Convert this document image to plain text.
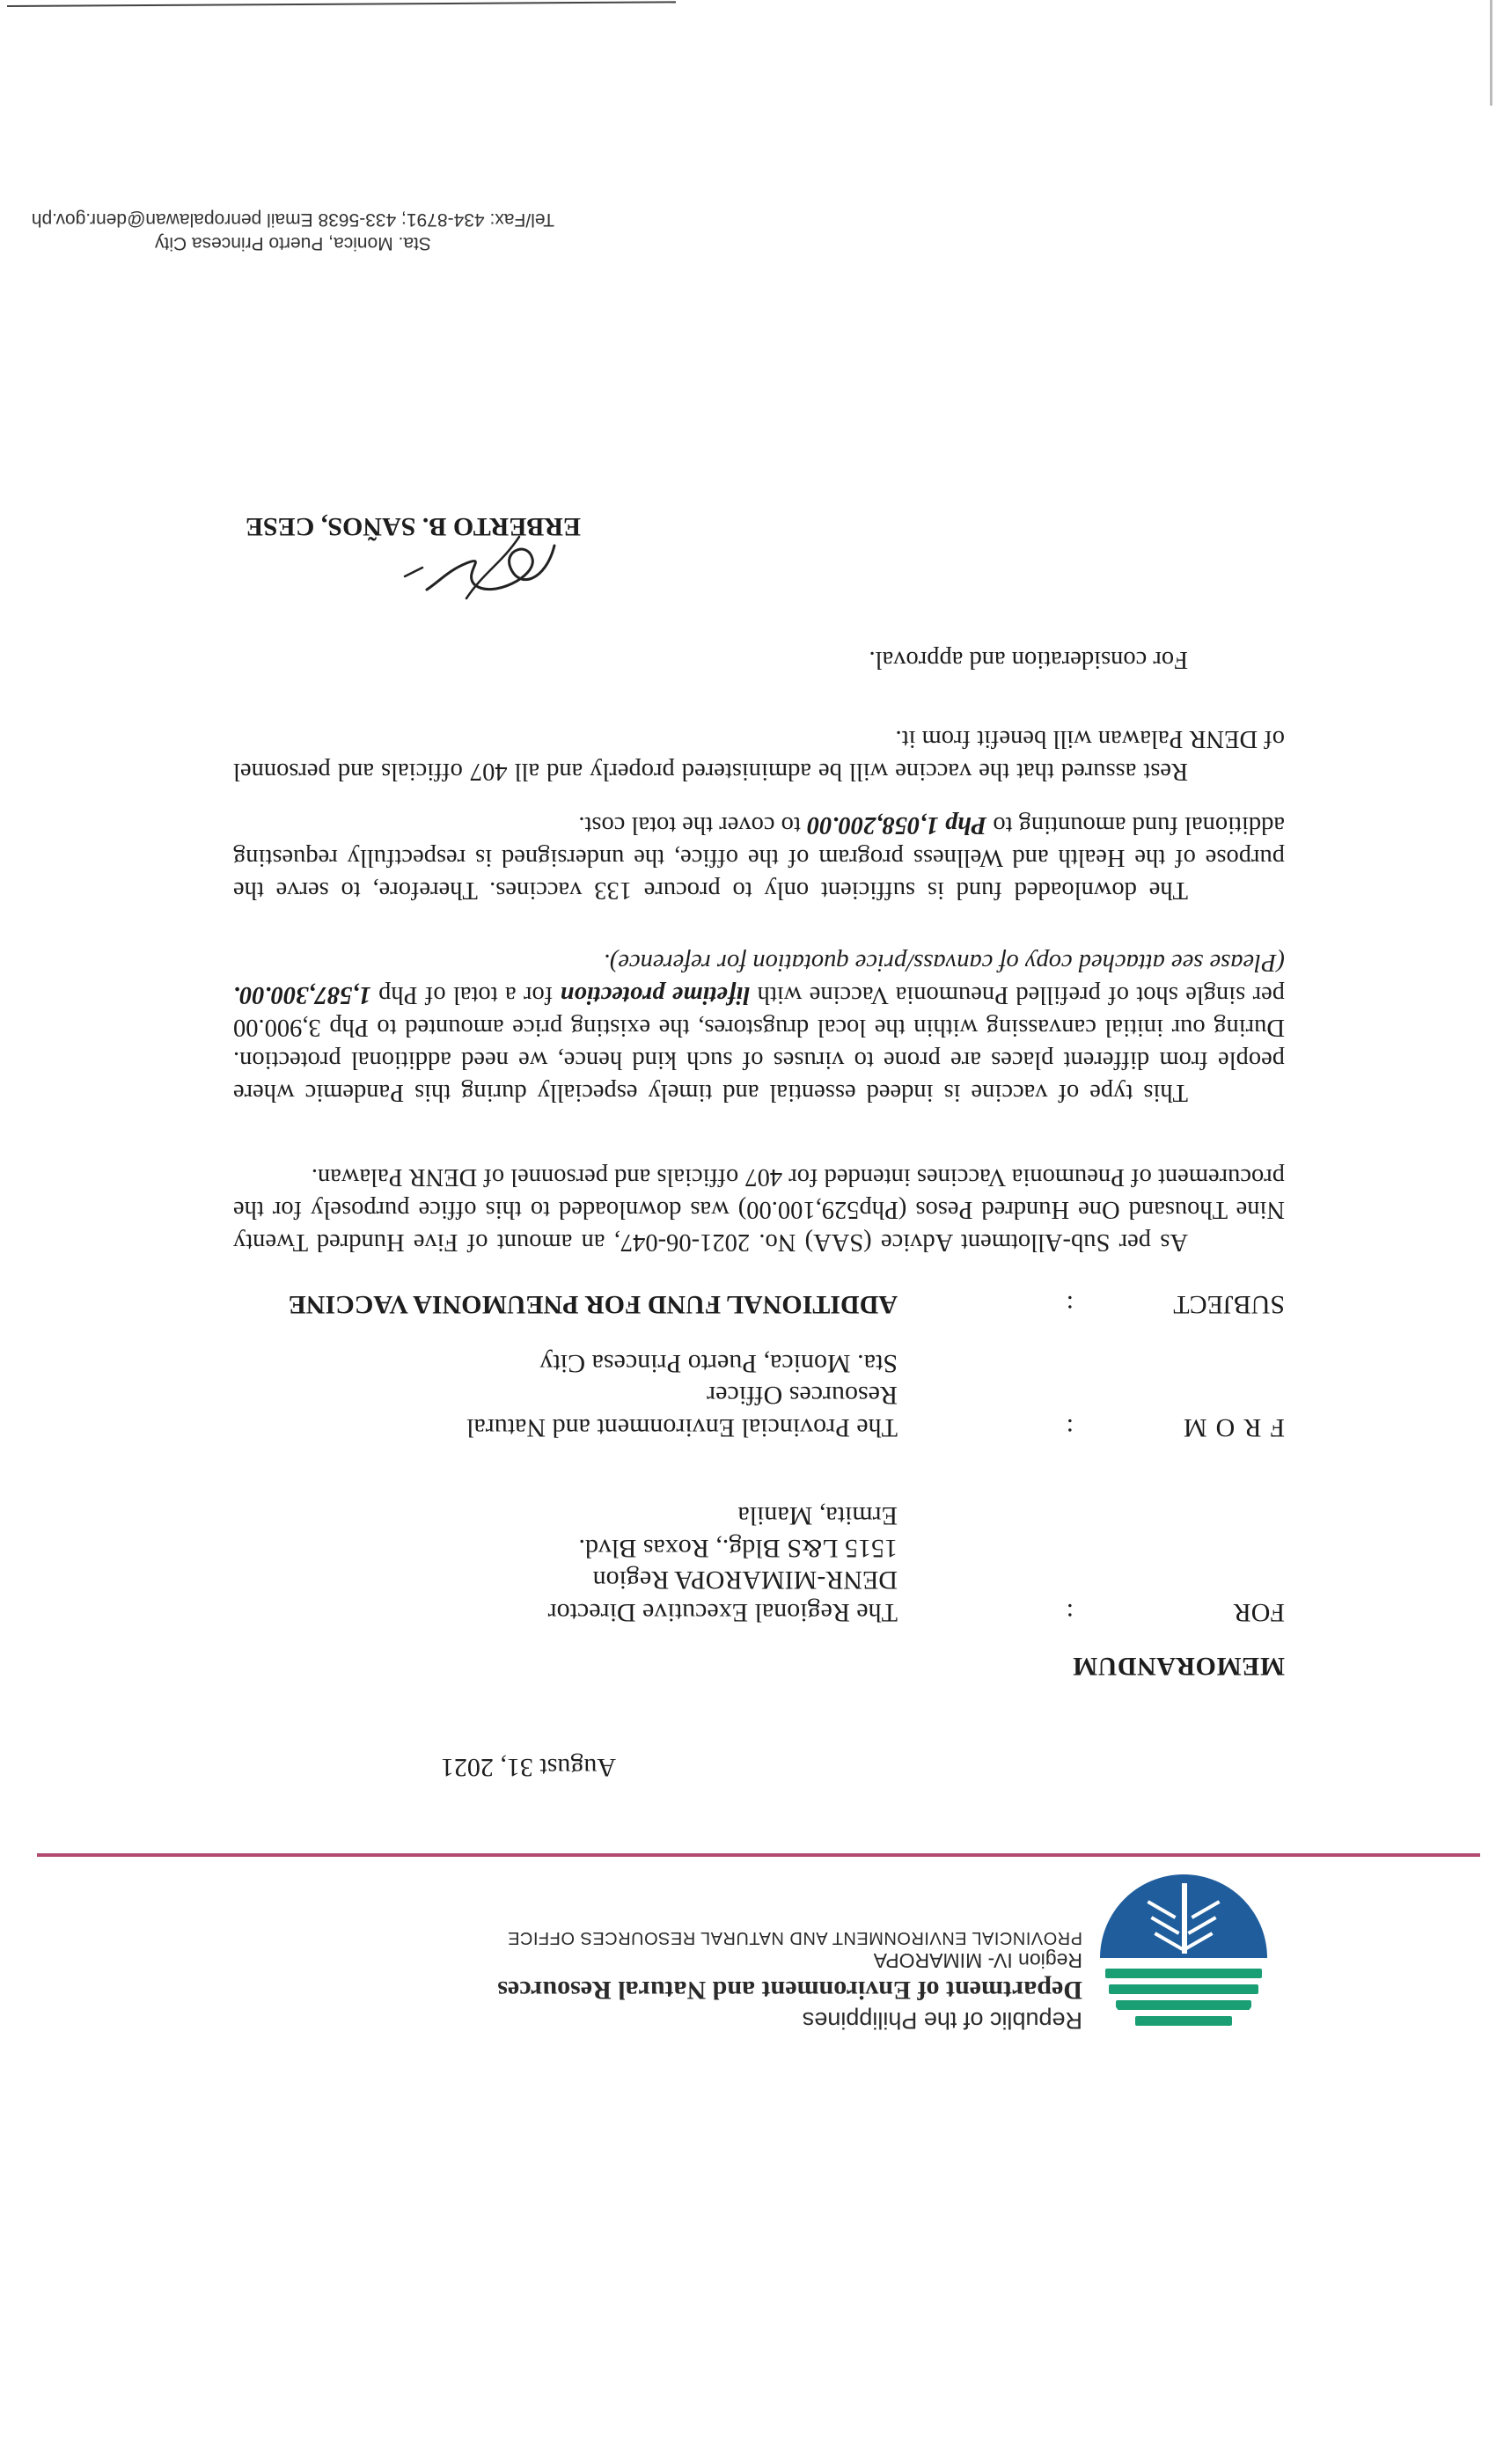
Republic of the Philippines
Department of Environment and Natural Resources
Region IV- MIMAROPA
PROVINCIAL ENVIRONMENT AND NATURAL RESOURCES OFFICE
August 31, 2021
MEMORANDUM
FOR
:
The Regional Executive Director
DENR-MIMAROPA Region
1515 L&S Bldg., Roxas Blvd.
Ermita, Manila
FROM
:
The Provincial Environment and Natural
Resources Officer
Sta. Monica, Puerto Princesa City
SUBJECT
:
ADDITIONAL FUND FOR PNEUMONIA VACCINE

As per Sub-Allotment Advice (SAA) No. 2021-06-047, an amount of Five Hundred Twenty Nine Thousand One Hundred Pesos (Php529,100.00) was downloaded to this office purposely for the procurement of Pneumonia Vaccines intended for 407 officials and personnel of DENR Palawan.

This type of vaccine is indeed essential and timely especially during this Pandemic where people from different places are prone to viruses of such kind hence, we need additional protection. During our initial canvassing within the local drugstores, the existing price amounted to Php 3,900.00 per single shot of prefilled Pneumonia Vaccine with lifetime protection for a total of Php 1,587,300.00. (Please see attached copy of canvass/price quotation for reference).

The downloaded fund is sufficient only to procure 133 vaccines. Therefore, to serve the purpose of the Health and Wellness program of the office, the undersigned is respectfully requesting additional fund amounting to Php 1,058,200.00 to cover the total cost.

Rest assured that the vaccine will be administered properly and all 407 officials and personnel of DENR Palawan will benefit from it.

For consideration and approval.
ERBERTO B. SAÑOS, CESE
Sta. Monica, Puerto Princesa City
Tel/Fax: 434-8791; 433-5638 Email penropalawan@denr.gov.ph
